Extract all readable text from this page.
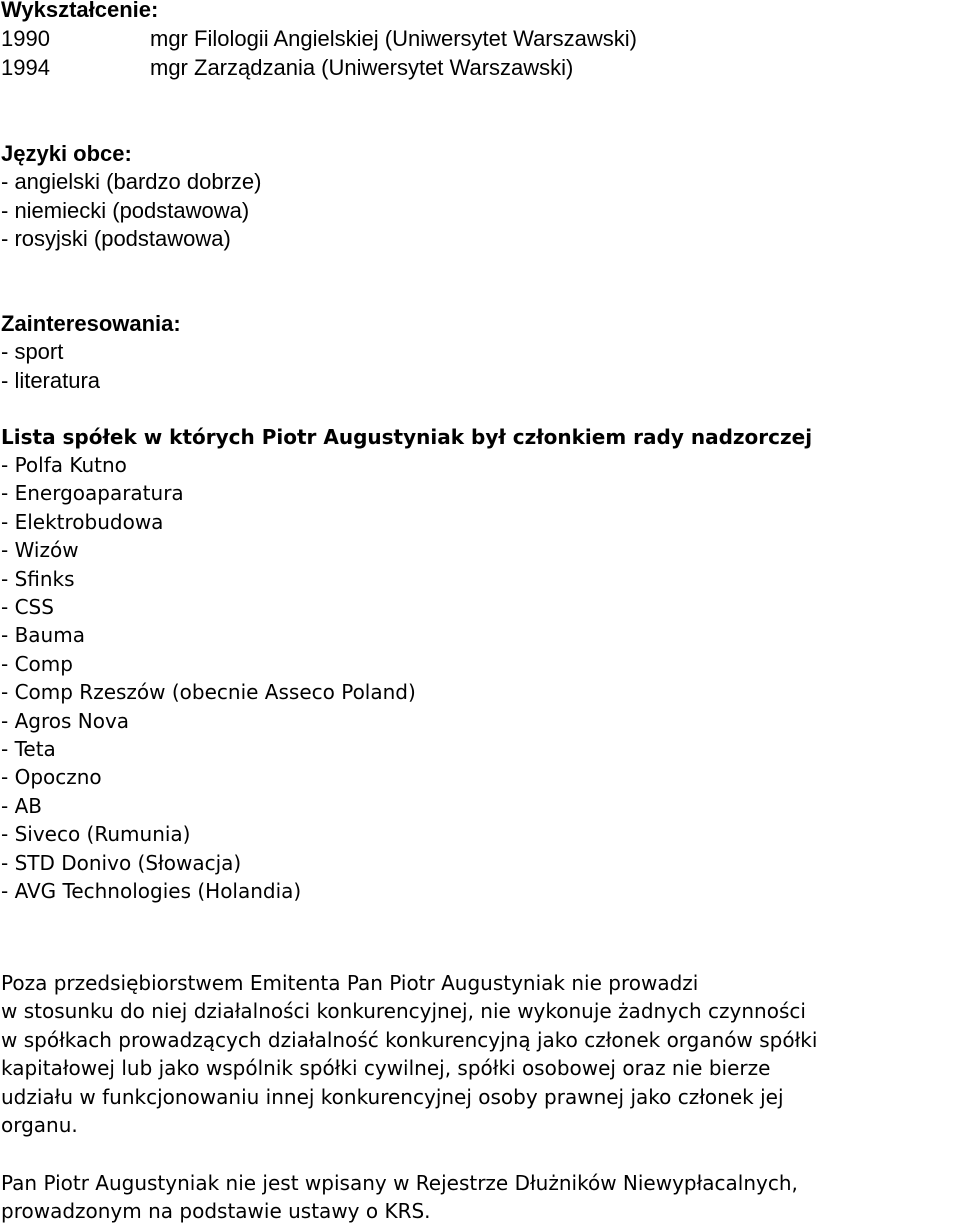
Wykształcenie:
1990	mgr Filologii Angielskiej (Uniwersytet Warszawski)
1994	mgr Zarządzania (Uniwersytet Warszawski)
Języki obce:
- angielski (bardzo dobrze)
- niemiecki (podstawowa)
- rosyjski (podstawowa)
Zainteresowania:
- sport
- literatura
Lista spółek w których Piotr Augustyniak był członkiem rady nadzorczej
- Polfa Kutno
- Energoaparatura
- Elektrobudowa
- Wizów
- Sfinks
- CSS
- Bauma
- Comp
- Comp Rzeszów (obecnie Asseco Poland)
- Agros Nova
- Teta
- Opoczno
- AB
- Siveco (Rumunia)
- STD Donivo (Słowacja)
- AVG Technologies (Holandia)
Poza przedsiębiorstwem Emitenta Pan Piotr Augustyniak nie prowadzi
w stosunku do niej działalności konkurencyjnej, nie wykonuje żadnych czynności
w spółkach prowadzących działalność konkurencyjną jako członek organów spółki
kapitałowej lub jako wspólnik spółki cywilnej, spółki osobowej oraz nie bierze
udziału w funkcjonowaniu innej konkurencyjnej osoby prawnej jako członek jej
organu.
Pan Piotr Augustyniak nie jest wpisany w Rejestrze Dłużników Niewypłacalnych,
prowadzonym na podstawie ustawy o KRS.
